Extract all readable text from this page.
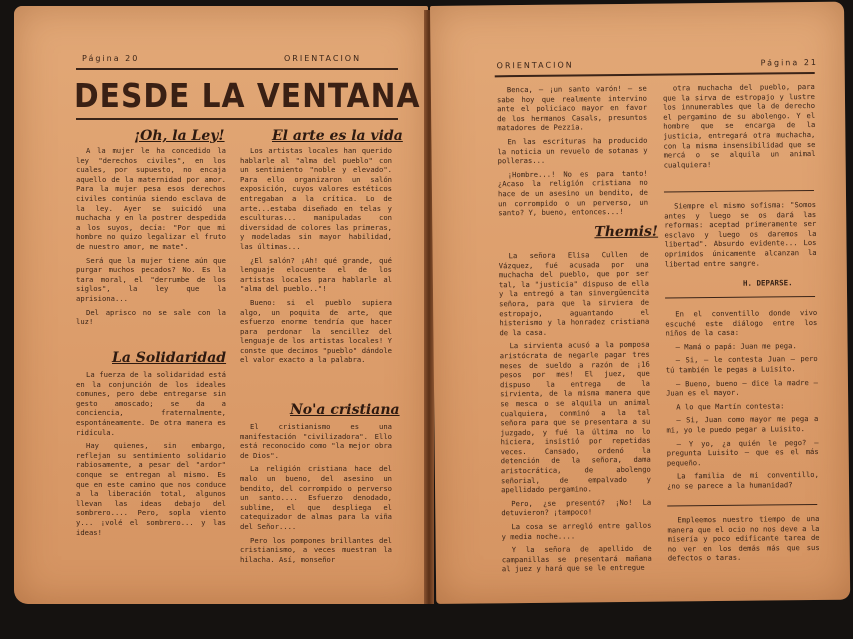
Página 20	ORIENTACION
DESDE LA VENTANA
¡Oh, la Ley!

A la mujer le ha concedido la ley "derechos civiles", en los cuales, por supuesto, no encaja aquello de la maternidad por amor. Para la mujer pesa esos derechos civiles continúa siendo esclava de la ley. Ayer se suicidó una muchacha y en la postrer despedida a los suyos, decía: "Por que mi hombre no quizo legalizar el fruto de nuestro amor, me mate".

Será que la mujer tiene aún que purgar muchos pecados? No. Es la tara moral, el "derrumbe de los siglos", la ley que la aprisiona...

Del aprisco no se sale con la luz!

La Solidaridad

La fuerza de la solidaridad está en la conjunción de los ideales comunes, pero debe entregarse sin gesto amoscado; se da a conciencia, fraternalmente, espontáneamente. De otra manera es ridícula.

Hay quienes, sin embargo, reflejan su sentimiento solidario rabiosamente, a pesar del "ardor" conque se entregan al mismo. Es que en este camino que nos conduce a la liberación total, algunos llevan las ideas debajo del sombrero.... Pero, sopla viento y... ¡volé el sombrero... y las ideas!

El arte es la vida

Los artistas locales han querido hablarle al "alma del pueblo" con un sentimiento "noble y elevado". Para ello organizaron un salón exposición, cuyos valores estéticos entregaban a la crítica. Lo de arte...estaba diseñado en telas y esculturas... manipuladas con diversidad de colores las primeras, y modeladas sin mayor habilidad, las últimas...

¿El salón? ¡Ah! qué grande, qué lenguaje elocuente el de los artistas locales para hablarle al "alma del pueblo.."!

Bueno: si el pueblo supiera algo, un poquita de arte, que esfuerzo enorme tendría que hacer para perdonar la sencillez del lenguaje de los artistas locales! Y conste que decimos "pueblo" dándole el valor exacto a la palabra.

No'a cristiana

El cristianismo es una manifestación "civilizadora". Ello está reconocido como "la mejor obra de Dios".

La religión cristiana hace del malo un bueno, del asesino un bendito, del corrompido o perverso un santo.... Esfuerzo denodado, sublime, el que despliega el catequizador de almas para la viña del Señor....

Pero los pompones brillantes del cristianismo, a veces muestran la hilacha. Así, monseñor

ORIENTACION	Página 21

Benca, — ¡un santo varón! — se sabe hoy que realmente intervino ante el policiaco mayor en favor de los hermanos Casals, presuntos matadores de Pezzia.

En las escrituras ha producido la noticia un revuelo de sotanas y polleras...

¡Hombre...! No es para tanto! ¿Acaso la religión cristiana no hace de un asesino un bendito, de un corrompido o un perverso, un santo? Y, bueno, entonces...!

Themis!

La señora Elisa Cullen de Vázquez, fué acusada por una muchacha del pueblo, que por ser tal, la "justicia" dispuso de ella y la entregó a tan sinvergüencita señora, para que la sirviera de estropajo, aguantando el histerismo y la honradez cristiana de la casa.

La sirvienta acusó a la pomposa aristócrata de negarle pagar tres meses de sueldo a razón de ¡16 pesos por mes! El juez, que dispuso la entrega de la sirvienta, de la misma manera que se mesca o se alquila un animal cualquiera, conminó a la tal señora para que se presentara a su juzgado, y fué la última no lo hiciera, insistió por repetidas veces. Cansado, ordenó la detención de la señora, dama aristocrática, de abolengo señorial, de empalvado y apellidado pergamino.

Pero, ¿se presentó? ¡No! La detuvieron? ¡tampoco!

La cosa se arregló entre gallos y media noche....

Y la señora de apellido de campanillas se presentará mañana al juez y hará que se le entregue

otra muchacha del pueblo, para que la sirva de estropajo y lustre los innumerables que la de derecho el pergamino de su abolengo. Y el hombre que se encarga de la justicia, entregará otra muchacha, con la misma insensibilidad que se mercá o se alquila un animal cualquiera!

Siempre el mismo sofisma: "Somos antes y luego se os dará las reformas: aceptad primeramente ser esclavo y luego os daremos la libertad". Absurdo evidente... Los oprimidos únicamente alcanzan la libertad entre sangre.

H. DEPARSE.

En el conventillo donde vivo escuché este diálogo entre los niños de la casa:

— Mamá o papá: Juan me pega.

— Si, — le contesta Juan — pero tú también le pegas a Luisito.

— Bueno, bueno — dice la madre — Juan es el mayor.

A lo que Martín contesta:

— Si, Juan como mayor me pega a mi, yo le puedo pegar a Luisito.

— Y yo, ¿a quién le pego? — pregunta Luisito — que es el más pequeño.

La familia de mi conventillo, ¿no se parece a la humanidad?

Empleemos nuestro tiempo de una manera que el ocio no nos deve a la misería y poco edificante tarea de no ver en los demás más que sus defectos o taras.
